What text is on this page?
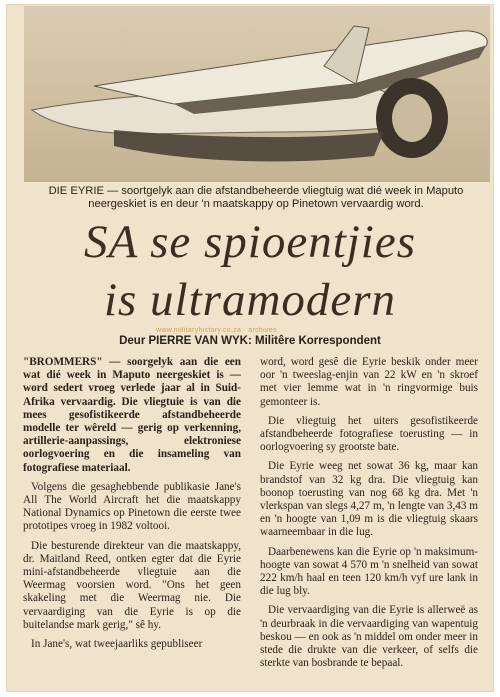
DIE EYRIE — soortgelyk aan die afstandbeheerde vliegtuig wat dié week in Maputo neergeskiet is en deur 'n maatskappy op Pinetown vervaardig word.
SA se spioentjies
is ultramodern
www.militaryhistory.co.za · archives
Deur PIERRE VAN WYK: Militêre Korrespondent

"BROMMERS" — soorgelyk aan die een wat dié week in Maputo neergeskiet is — word sedert vroeg verlede jaar al in Suid-Afrika vervaardig. Die vliegtuie is van die mees gesofistikeerde afstandbeheerde modelle ter wêreld — gerig op verkenning, artillerie-aanpassings, elektroniese oorlogvoering en die insameling van fotografiese materiaal.

Volgens die gesaghebbende publikasie Jane's All The World Aircraft het die maatskappy National Dynamics op Pinetown die eerste twee prototipes vroeg in 1982 voltooi.

Die besturende direkteur van die maatskappy, dr. Maitland Reed, ontken egter dat die Eyrie mini-afstandbeheerde vliegtuie aan die Weermag voorsien word. "Ons het geen skakeling met die Weermag nie. Die vervaardiging van die Eyrie is op die buitelandse mark gerig," sê hy.

In Jane's, wat tweejaarliks gepubliseer

word, word gesê die Eyrie beskik onder meer oor 'n tweeslag-enjin van 22 kW en 'n skroef met vier lemme wat in 'n ringvormige buis gemonteer is.

Die vliegtuig het uiters gesofistikeerde afstandbeheerde fotografiese toerusting — in oorlogvoering sy grootste bate.

Die Eyrie weeg net sowat 36 kg, maar kan brandstof van 32 kg dra. Die vliegtuig kan boonop toerusting van nog 68 kg dra. Met 'n vlerkspan van slegs 4,27 m, 'n lengte van 3,43 m en 'n hoogte van 1,09 m is die vliegtuig skaars waarneembaar in die lug.

Daarbenewens kan die Eyrie op 'n maksimum-hoogte van sowat 4 570 m 'n snelheid van sowat 222 km/h haal en teen 120 km/h vyf ure lank in die lug bly.

Die vervaardiging van die Eyrie is allerweë as 'n deurbraak in die vervaardiging van wapentuig beskou — en ook as 'n middel om onder meer in stede die drukte van die verkeer, of selfs die sterkte van bosbrande te bepaal.
